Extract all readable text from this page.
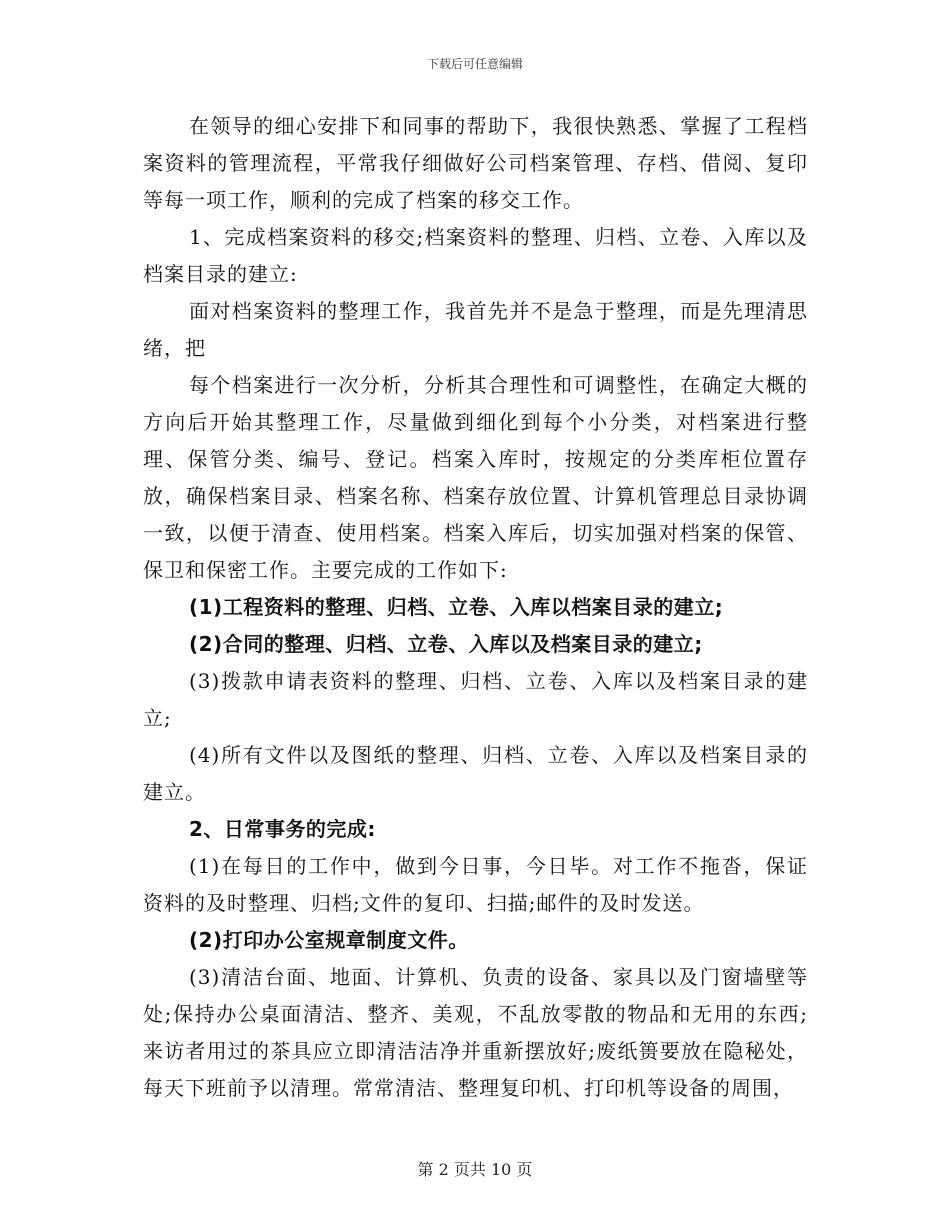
下载后可任意编辑

在领导的细心安排下和同事的帮助下，我很快熟悉、掌握了工程档案资料的管理流程，平常我仔细做好公司档案管理、存档、借阅、复印等每一项工作，顺利的完成了档案的移交工作。

1、完成档案资料的移交;档案资料的整理、归档、立卷、入库以及档案目录的建立:

面对档案资料的整理工作，我首先并不是急于整理，而是先理清思绪，把

每个档案进行一次分析，分析其合理性和可调整性，在确定大概的方向后开始其整理工作，尽量做到细化到每个小分类，对档案进行整理、保管分类、编号、登记。档案入库时，按规定的分类库柜位置存放，确保档案目录、档案名称、档案存放位置、计算机管理总目录协调一致，以便于清查、使用档案。档案入库后，切实加强对档案的保管、保卫和保密工作。主要完成的工作如下:

(1)工程资料的整理、归档、立卷、入库以档案目录的建立;

(2)合同的整理、归档、立卷、入库以及档案目录的建立;

(3)拨款申请表资料的整理、归档、立卷、入库以及档案目录的建立;

(4)所有文件以及图纸的整理、归档、立卷、入库以及档案目录的建立。

2、日常事务的完成:

(1)在每日的工作中，做到今日事，今日毕。对工作不拖沓，保证资料的及时整理、归档;文件的复印、扫描;邮件的及时发送。

(2)打印办公室规章制度文件。

(3)清洁台面、地面、计算机、负责的设备、家具以及门窗墙壁等处;保持办公桌面清洁、整齐、美观，不乱放零散的物品和无用的东西;来访者用过的茶具应立即清洁洁净并重新摆放好;废纸篑要放在隐秘处，每天下班前予以清理。常常清洁、整理复印机、打印机等设备的周围，

第 2 页共 10 页
